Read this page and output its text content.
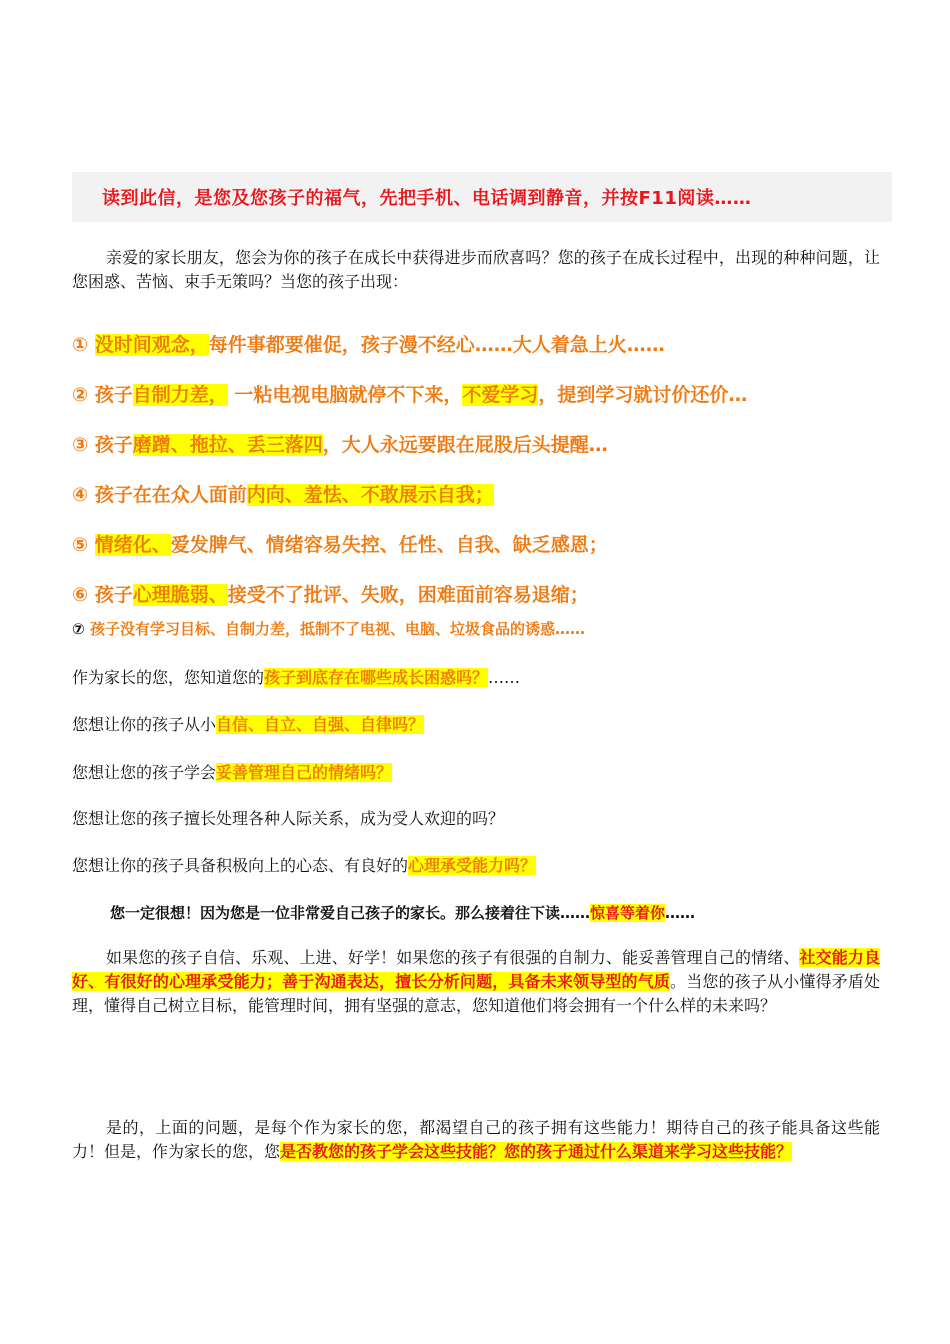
读到此信，是您及您孩子的福气，先把手机、电话调到静音，并按F11阅读……

亲爱的家长朋友，您会为你的孩子在成长中获得进步而欣喜吗？您的孩子在成长过程中，出现的种种问题，让您困惑、苦恼、束手无策吗？当您的孩子出现：

① 没时间观念，每件事都要催促，孩子漫不经心……大人着急上火……
② 孩子自制力差， 一粘电视电脑就停不下来，不爱学习，提到学习就讨价还价…
③ 孩子磨蹭、拖拉、丢三落四，大人永远要跟在屁股后头提醒…
④ 孩子在在众人面前内向、羞怯、不敢展示自我；
⑤ 情绪化、爱发脾气、情绪容易失控、任性、自我、缺乏感恩；
⑥ 孩子心理脆弱、接受不了批评、失败，困难面前容易退缩；
⑦ 孩子没有学习目标、自制力差，抵制不了电视、电脑、垃圾食品的诱惑……
作为家长的您，您知道您的孩子到底存在哪些成长困惑吗？……
您想让你的孩子从小自信、自立、自强、自律吗？
您想让您的孩子学会妥善管理自己的情绪吗？
您想让您的孩子擅长处理各种人际关系，成为受人欢迎的吗？
您想让你的孩子具备积极向上的心态、有良好的心理承受能力吗？
您一定很想！因为您是一位非常爱自己孩子的家长。那么接着往下读……惊喜等着你……

如果您的孩子自信、乐观、上进、好学！如果您的孩子有很强的自制力、能妥善管理自己的情绪、社交能力良好、有很好的心理承受能力；善于沟通表达，擅长分析问题，具备未来领导型的气质。当您的孩子从小懂得矛盾处理，懂得自己树立目标，能管理时间，拥有坚强的意志，您知道他们将会拥有一个什么样的未来吗？

是的，上面的问题，是每个作为家长的您，都渴望自己的孩子拥有这些能力！期待自己的孩子能具备这些能力！但是，作为家长的您，您是否教您的孩子学会这些技能？您的孩子通过什么渠道来学习这些技能？
